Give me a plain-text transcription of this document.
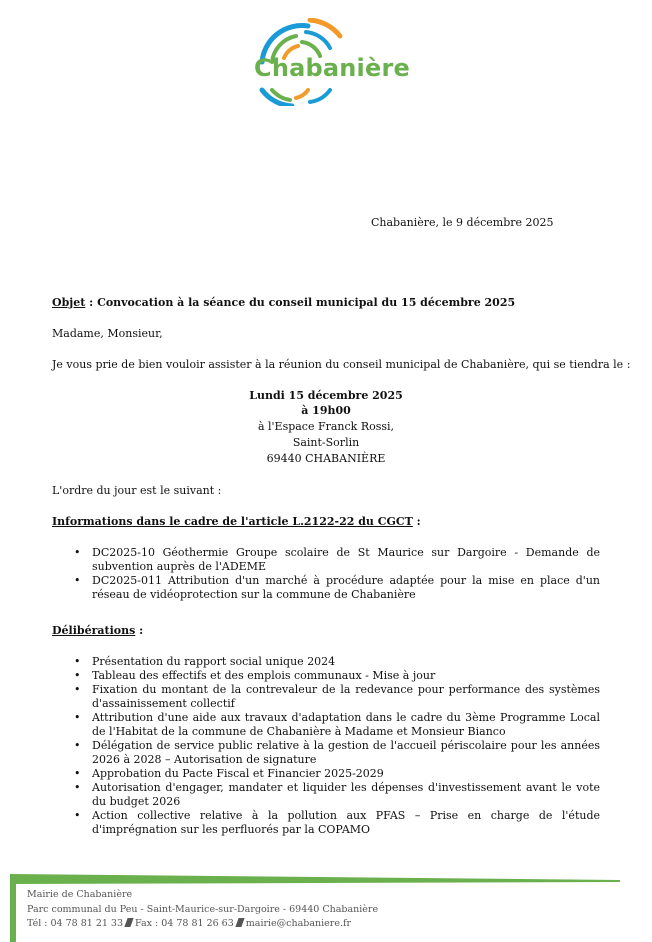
Chabanière
Chabanière, le 9 décembre 2025
Objet : Convocation à la séance du conseil municipal du 15 décembre 2025
Madame, Monsieur,
Je vous prie de bien vouloir assister à la réunion du conseil municipal de Chabanière, qui se tiendra le :
Lundi 15 décembre 2025
à 19h00
à l'Espace Franck Rossi,
Saint-Sorlin
69440 CHABANIÈRE
L'ordre du jour est le suivant :
Informations dans le cadre de l'article L.2122-22 du CGCT :
• DC2025-10 Géothermie Groupe scolaire de St Maurice sur Dargoire - Demande de subvention auprès de l'ADEME
• DC2025-011 Attribution d'un marché à procédure adaptée pour la mise en place d'un réseau de vidéoprotection sur la commune de Chabanière
Délibérations :
• Présentation du rapport social unique 2024
• Tableau des effectifs et des emplois communaux - Mise à jour
• Fixation du montant de la contrevaleur de la redevance pour performance des systèmes d'assainissement collectif
• Attribution d'une aide aux travaux d'adaptation dans le cadre du 3ème Programme Local de l'Habitat de la commune de Chabanière à Madame et Monsieur Bianco
• Délégation de service public relative à la gestion de l'accueil périscolaire pour les années 2026 à 2028 – Autorisation de signature
• Approbation du Pacte Fiscal et Financier 2025-2029
• Autorisation d'engager, mandater et liquider les dépenses d'investissement avant le vote du budget 2026
• Action collective relative à la pollution aux PFAS – Prise en charge de l'étude d'imprégnation sur les perfluorés par la COPAMO
Mairie de Chabanière
Parc communal du Peu - Saint-Maurice-sur-Dargoire - 69440 Chabanière
Tél : 04 78 81 21 33 Fax : 04 78 81 26 63 mairie@chabaniere.fr
